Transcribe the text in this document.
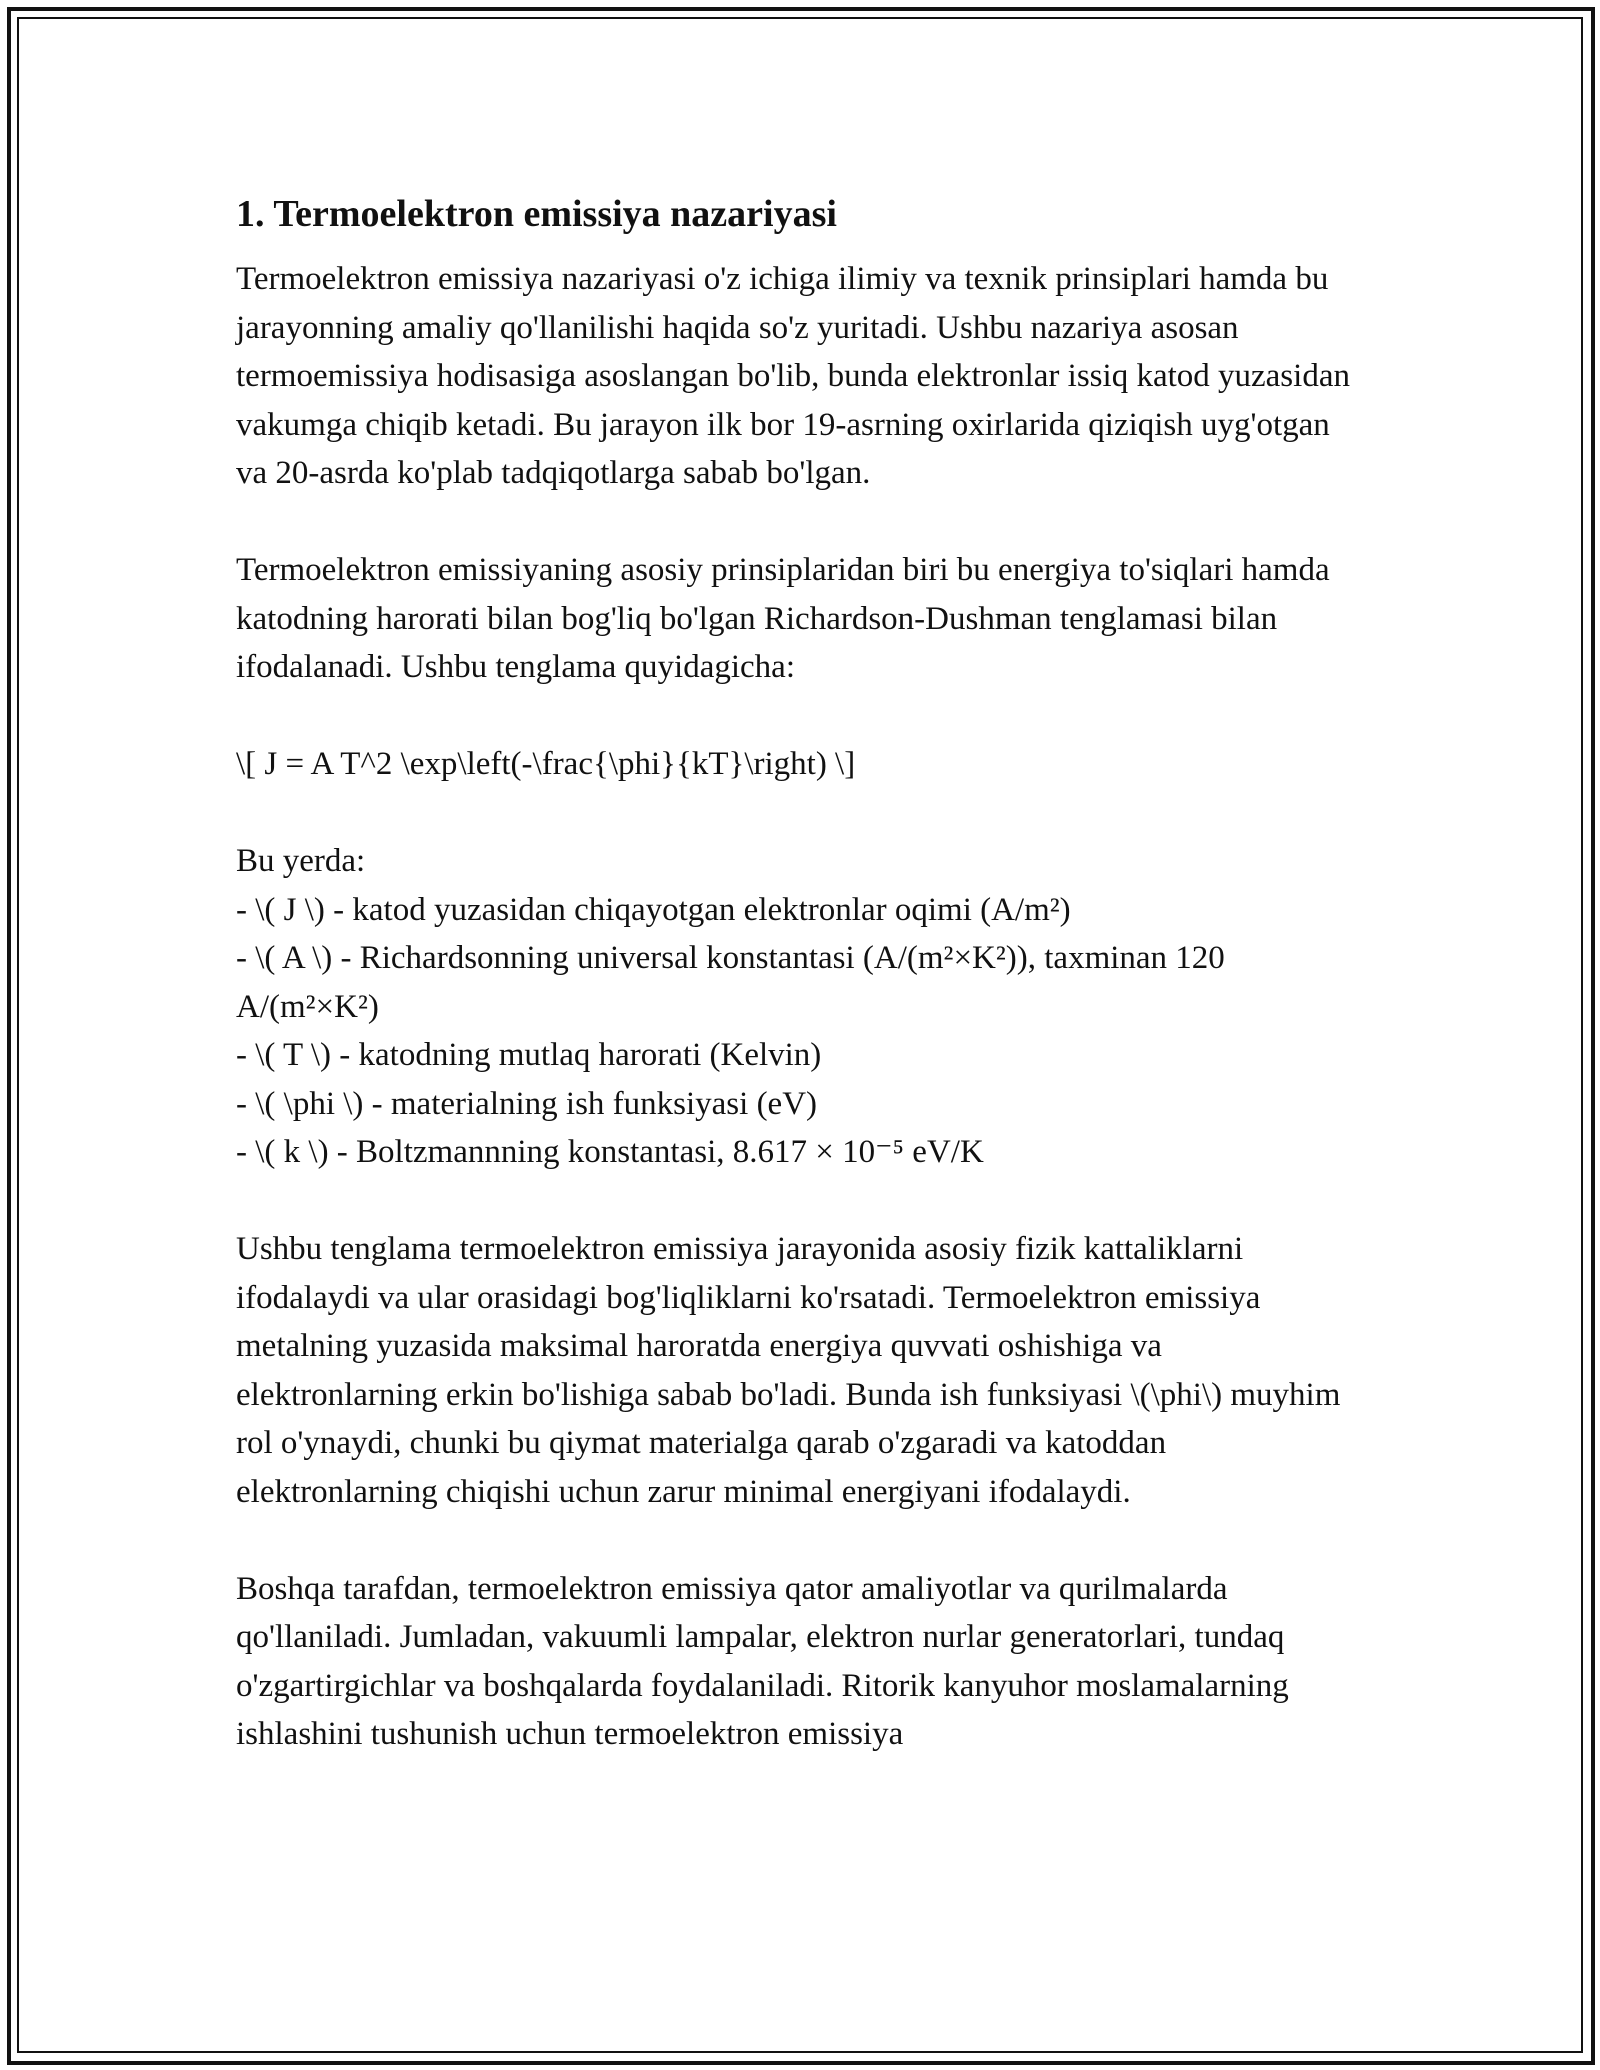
1. Termoelektron emissiya nazariyasi

Termoelektron emissiya nazariyasi o'z ichiga ilimiy va texnik prinsiplari hamda bu jarayonning amaliy qo'llanilishi haqida so'z yuritadi. Ushbu nazariya asosan termoemissiya hodisasiga asoslangan bo'lib, bunda elektronlar issiq katod yuzasidan vakumga chiqib ketadi. Bu jarayon ilk bor 19-asrning oxirlarida qiziqish uyg'otgan va 20-asrda ko'plab tadqiqotlarga sabab bo'lgan.

Termoelektron emissiyaning asosiy prinsiplaridan biri bu energiya to'siqlari hamda katodning harorati bilan bog'liq bo'lgan Richardson-Dushman tenglamasi bilan ifodalanadi. Ushbu tenglama quyidagicha:

\[ J = A T^2 \exp\left(-\frac{\phi}{kT}\right) \]

Bu yerda:
- \( J \) - katod yuzasidan chiqayotgan elektronlar oqimi (A/m²)
- \( A \) - Richardsonning universal konstantasi (A/(m²×K²)), taxminan 120 A/(m²×K²)
- \( T \) - katodning mutlaq harorati (Kelvin)
- \( \phi \) - materialning ish funksiyasi (eV)
- \( k \) - Boltzmannning konstantasi, 8.617 × 10⁻⁵ eV/K

Ushbu tenglama termoelektron emissiya jarayonida asosiy fizik kattaliklarni ifodalaydi va ular orasidagi bog'liqliklarni ko'rsatadi. Termoelektron emissiya metalning yuzasida maksimal haroratda energiya quvvati oshishiga va elektronlarning erkin bo'lishiga sabab bo'ladi. Bunda ish funksiyasi \(\phi\) muyhim rol o'ynaydi, chunki bu qiymat materialga qarab o'zgaradi va katoddan elektronlarning chiqishi uchun zarur minimal energiyani ifodalaydi.

Boshqa tarafdan, termoelektron emissiya qator amaliyotlar va qurilmalarda qo'llaniladi. Jumladan, vakuumli lampalar, elektron nurlar generatorlari, tundaq o'zgartirgichlar va boshqalarda foydalaniladi. Ritorik kanyuhor moslamalarning ishlashini tushunish uchun termoelektron emissiya
